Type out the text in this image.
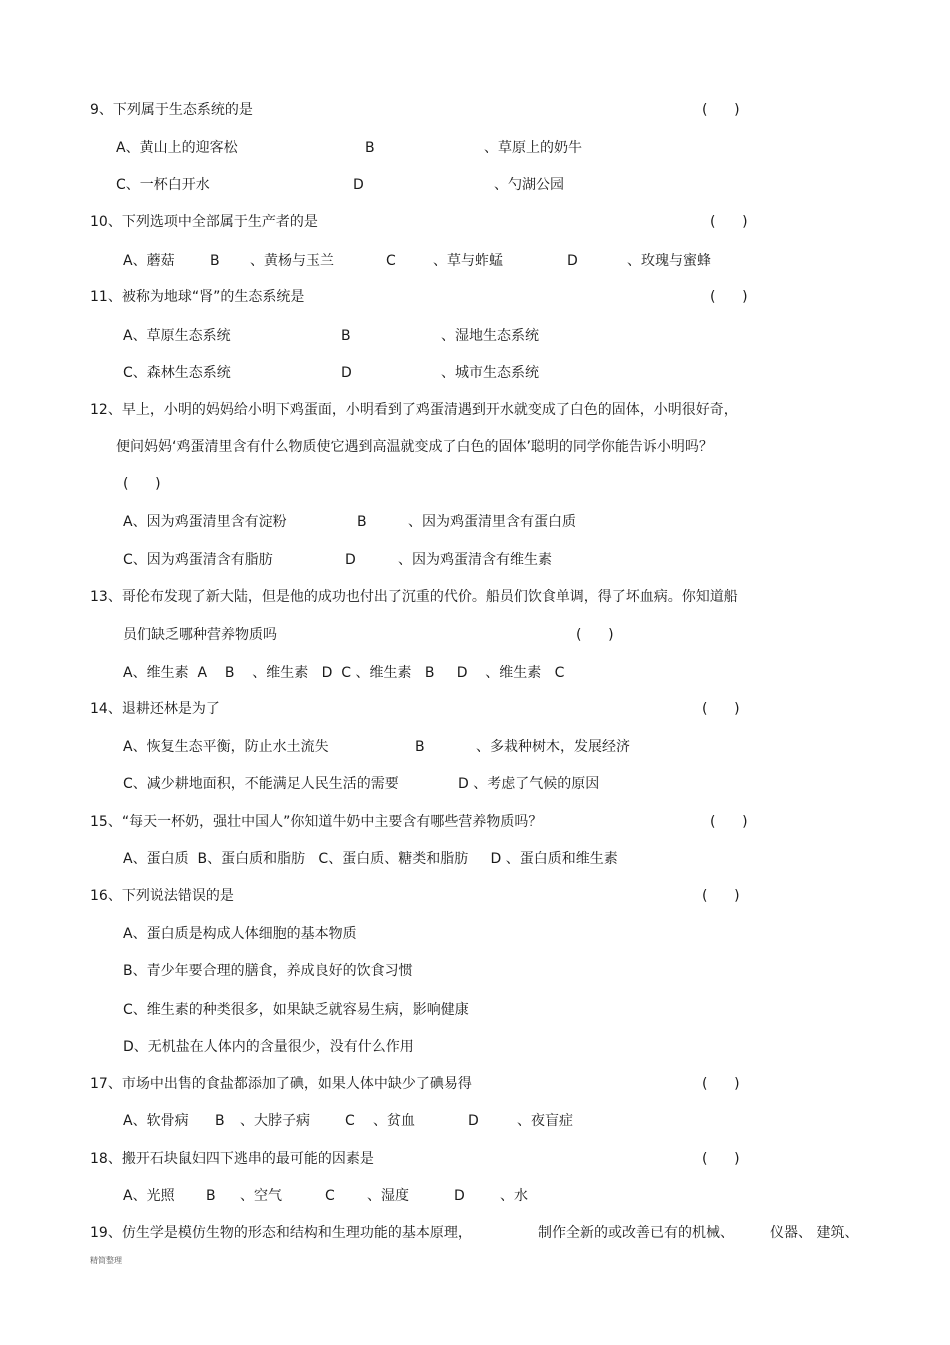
9、下列属于生态系统的是	(      )
A、黄山上的迎客松	B	、草原上的奶牛
C、一杯白开水	D	、勺湖公园
10、下列选项中全部属于生产者的是	(      )
A、蘑菇	B 、黄杨与玉兰	C	、草与蚱蜢	D	、玫瑰与蜜蜂
11、被称为地球“肾”的生态系统是	(      )
A、草原生态系统	B	、湿地生态系统
C、森林生态系统	D	、城市生态系统
12、早上，小明的妈妈给小明下鸡蛋面，小明看到了鸡蛋清遇到开水就变成了白色的固体，小明很好奇，
便问妈妈‘鸡蛋清里含有什么物质使它遇到高温就变成了白色的固体’聪明的同学你能告诉小明吗？
(      )
A、因为鸡蛋清里含有淀粉	B	、因为鸡蛋清里含有蛋白质
C、因为鸡蛋清含有脂肪	D	、因为鸡蛋清含有维生素
13、哥伦布发现了新大陆，但是他的成功也付出了沉重的代价。船员们饮食单调，得了坏血病。你知道船
员们缺乏哪种营养物质吗	(      )
A、维生素  A    B    、维生素   D  C 、维生素   B     D    、维生素   C
14、退耕还林是为了	(      )
A、恢复生态平衡，防止水土流失	B	、多栽种树木，发展经济
C、减少耕地面积，不能满足人民生活的需要	D 、考虑了气候的原因
15、“每天一杯奶，强壮中国人”你知道牛奶中主要含有哪些营养物质吗？	(      )
A、蛋白质  B、蛋白质和脂肪   C、蛋白质、糖类和脂肪     D 、蛋白质和维生素
16、下列说法错误的是	(      )
A、蛋白质是构成人体细胞的基本物质
B、青少年要合理的膳食，养成良好的饮食习惯
C、维生素的种类很多，如果缺乏就容易生病，影响健康
D、无机盐在人体内的含量很少，没有什么作用
17、市场中出售的食盐都添加了碘，如果人体中缺少了碘易得	(      )
A、软骨病 B 、大脖子病	C 、贫血	D	、夜盲症
18、搬开石块鼠妇四下逃串的最可能的因素是	(      )
A、光照 B 、空气	C 、湿度	D	、水
19、仿生学是模仿生物的形态和结构和生理功能的基本原理，	制作全新的或改善已有的机械、	仪器、 建筑、
精简整理
